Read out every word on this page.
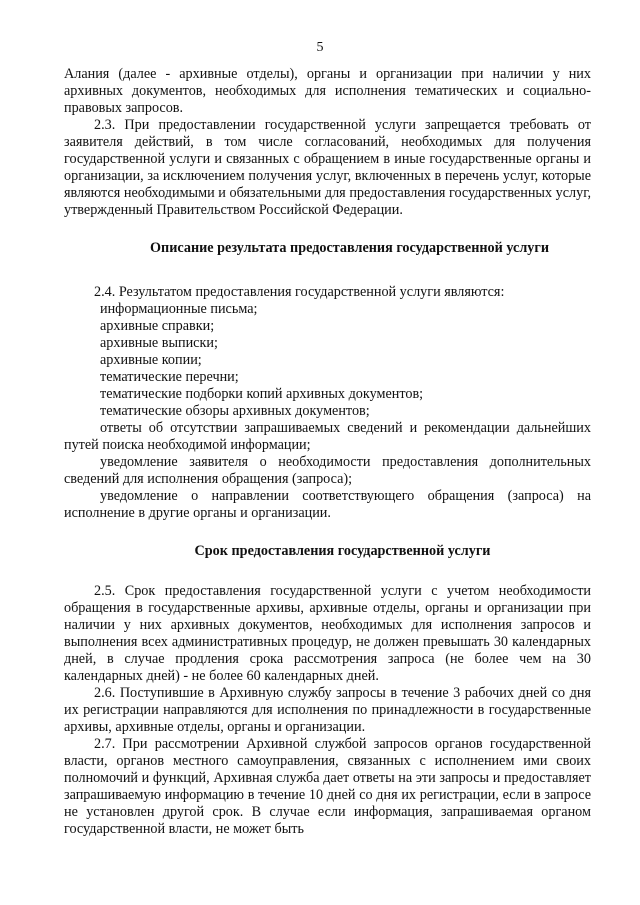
5

Алания (далее - архивные отделы), органы и организации при наличии у них архивных документов, необходимых для исполнения тематических и социально-правовых запросов.

2.3. При предоставлении государственной услуги запрещается требовать от заявителя действий, в том числе согласований, необходимых для получения государственной услуги и связанных с обращением в иные государственные органы и организации, за исключением получения услуг, включенных в перечень услуг, которые являются необходимыми и обязательными для предоставления государственных услуг, утвержденный Правительством Российской Федерации.

Описание результата предоставления государственной услуги

2.4. Результатом предоставления государственной услуги являются:

информационные письма;

архивные справки;

архивные выписки;

архивные копии;

тематические перечни;

тематические подборки копий архивных документов;

тематические обзоры архивных документов;

ответы об отсутствии запрашиваемых сведений и рекомендации дальнейших путей поиска необходимой информации;

уведомление заявителя о необходимости предоставления дополнительных сведений для исполнения обращения (запроса);

уведомление о направлении соответствующего обращения (запроса) на исполнение в другие органы и организации.

Срок предоставления государственной услуги

2.5. Срок предоставления государственной услуги с учетом необходимости обращения в государственные архивы, архивные отделы, органы и организации при наличии у них архивных документов, необходимых для исполнения запросов и выполнения всех административных процедур, не должен превышать 30 календарных дней, в случае продления срока рассмотрения запроса (не более чем на 30 календарных дней) - не более 60 календарных дней.

2.6. Поступившие в Архивную службу запросы в течение 3 рабочих дней со дня их регистрации направляются для исполнения по принадлежности в государственные архивы, архивные отделы, органы и организации.

2.7. При рассмотрении Архивной службой запросов органов государственной власти, органов местного самоуправления, связанных с исполнением ими своих полномочий и функций, Архивная служба дает ответы на эти запросы и предоставляет запрашиваемую информацию в течение 10 дней со дня их регистрации, если в запросе не установлен другой срок. В случае если информация, запрашиваемая органом государственной власти, не может быть
